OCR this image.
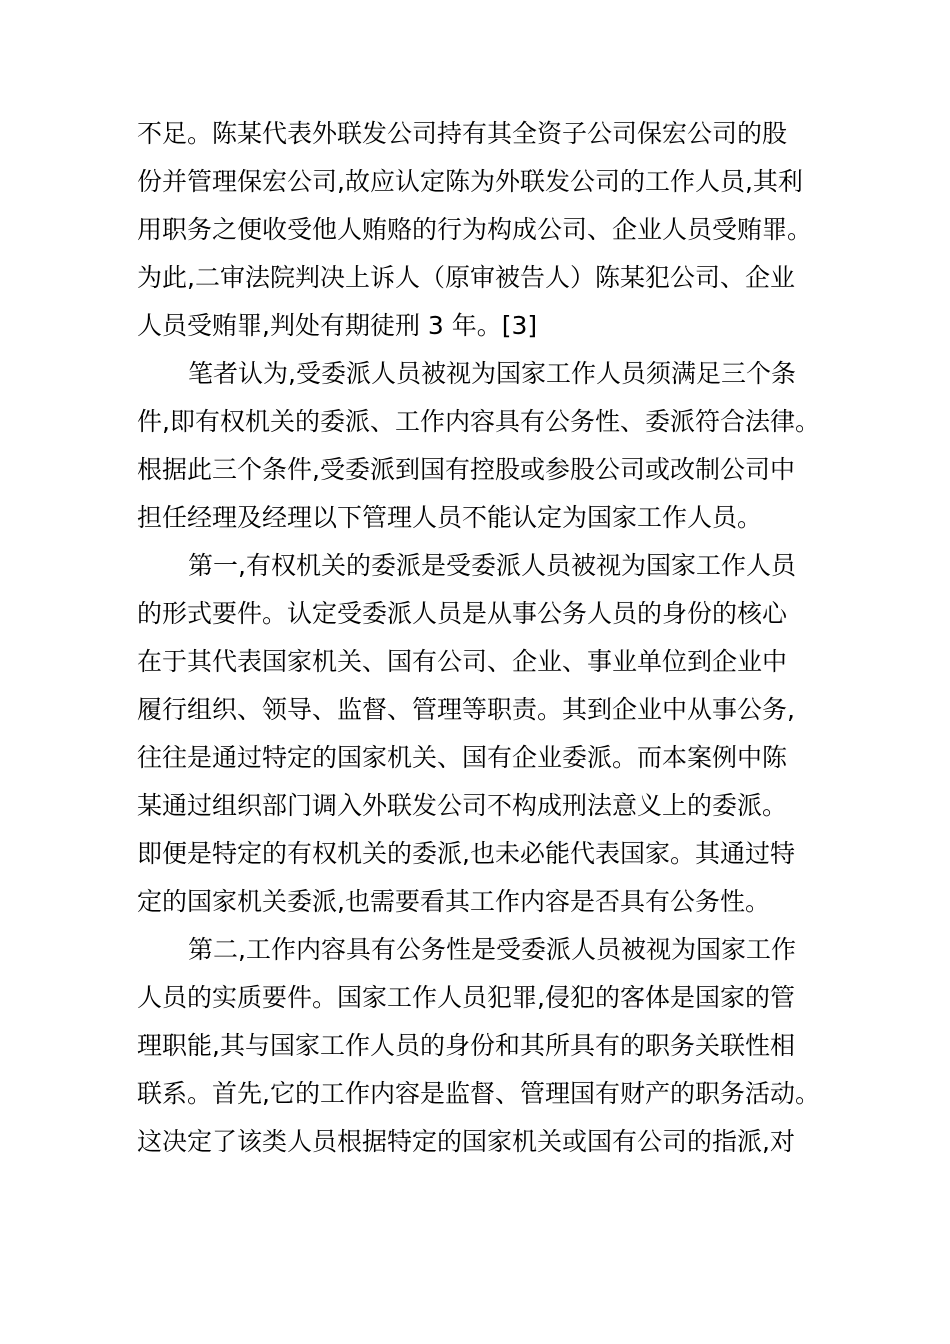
不足。陈某代表外联发公司持有其全资子公司保宏公司的股
份并管理保宏公司,故应认定陈为外联发公司的工作人员,其利
用职务之便收受他人贿赂的行为构成公司、企业人员受贿罪。
为此,二审法院判决上诉人（原审被告人）陈某犯公司、企业
人员受贿罪,判处有期徒刑 3 年。[3]
笔者认为,受委派人员被视为国家工作人员须满足三个条
件,即有权机关的委派、工作内容具有公务性、委派符合法律。
根据此三个条件,受委派到国有控股或参股公司或改制公司中
担任经理及经理以下管理人员不能认定为国家工作人员。
第一,有权机关的委派是受委派人员被视为国家工作人员
的形式要件。认定受委派人员是从事公务人员的身份的核心
在于其代表国家机关、国有公司、企业、事业单位到企业中
履行组织、领导、监督、管理等职责。其到企业中从事公务,
往往是通过特定的国家机关、国有企业委派。而本案例中陈
某通过组织部门调入外联发公司不构成刑法意义上的委派。
即便是特定的有权机关的委派,也未必能代表国家。其通过特
定的国家机关委派,也需要看其工作内容是否具有公务性。
第二,工作内容具有公务性是受委派人员被视为国家工作
人员的实质要件。国家工作人员犯罪,侵犯的客体是国家的管
理职能,其与国家工作人员的身份和其所具有的职务关联性相
联系。首先,它的工作内容是监督、管理国有财产的职务活动。
这决定了该类人员根据特定的国家机关或国有公司的指派,对
